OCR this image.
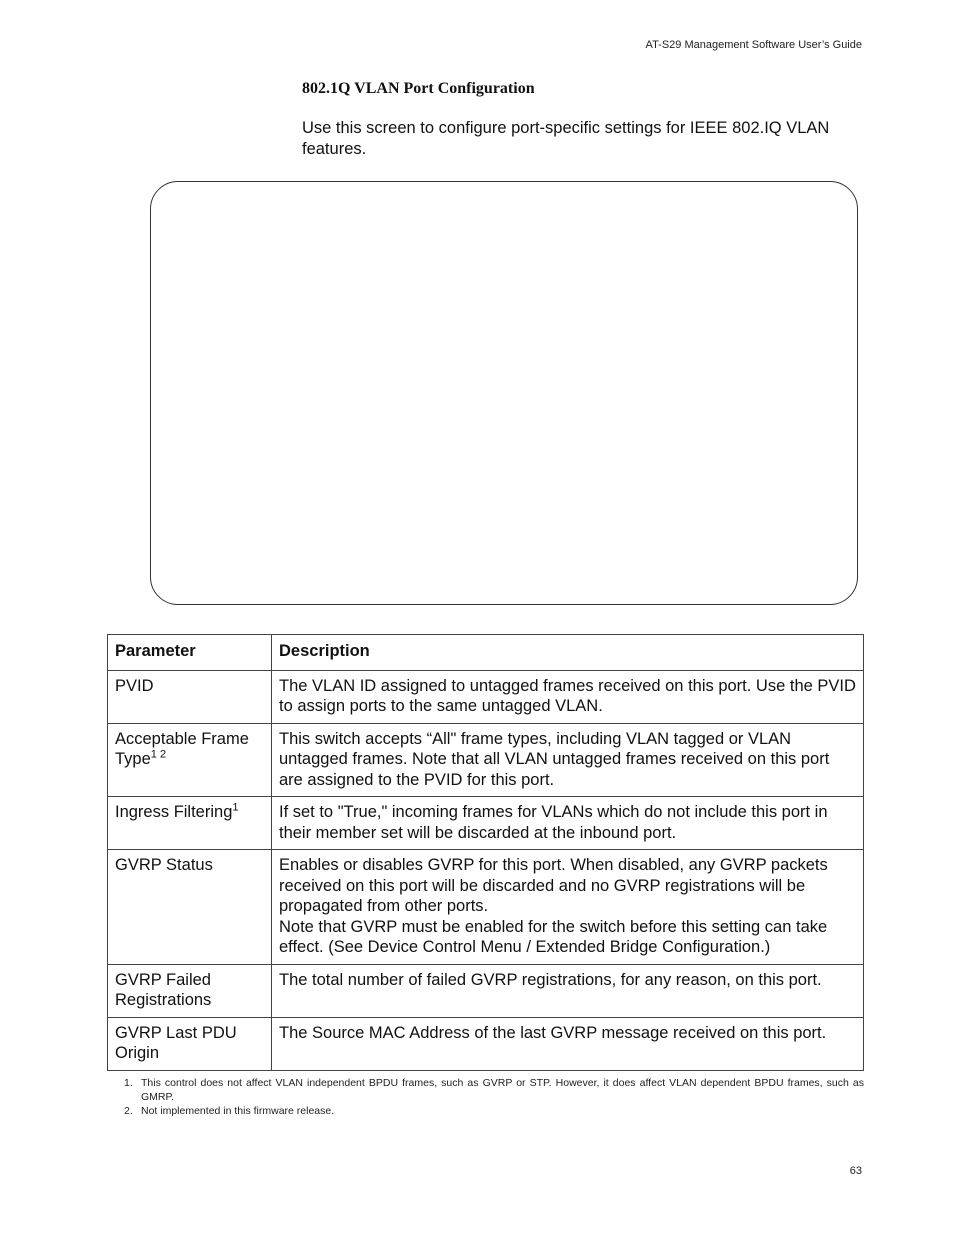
AT-S29 Management Software User’s Guide
802.1Q VLAN Port Configuration

Use this screen to configure port-specific settings for IEEE 802.IQ VLAN features.

Parameter	Description
PVID	The VLAN ID assigned to untagged frames received on this port. Use the PVID to assign ports to the same untagged VLAN.

Acceptable Frame Type$^{1 2}$	This switch accepts “All" frame types, including VLAN tagged or VLAN untagged frames. Note that all VLAN untagged frames received on this port are assigned to the PVID for this port.

Ingress Filtering$^1$	If set to "True," incoming frames for VLANs which do not include this port in their member set will be discarded at the inbound port.

GVRP Status	Enables or disables GVRP for this port. When disabled, any GVRP packets received on this port will be discarded and no GVRP registrations will be propagated from other ports.
Note that GVRP must be enabled for the switch before this setting can take effect. (See Device Control Menu / Extended Bridge Configuration.)

GVRP Failed Registrations	The total number of failed GVRP registrations, for any reason, on this port.

GVRP Last PDU Origin	The Source MAC Address of the last GVRP message received on this port.
1. This control does not affect VLAN independent BPDU frames, such as GVRP or STP. However, it does affect VLAN dependent BPDU frames, such as GMRP.
2. Not implemented in this firmware release.
63
